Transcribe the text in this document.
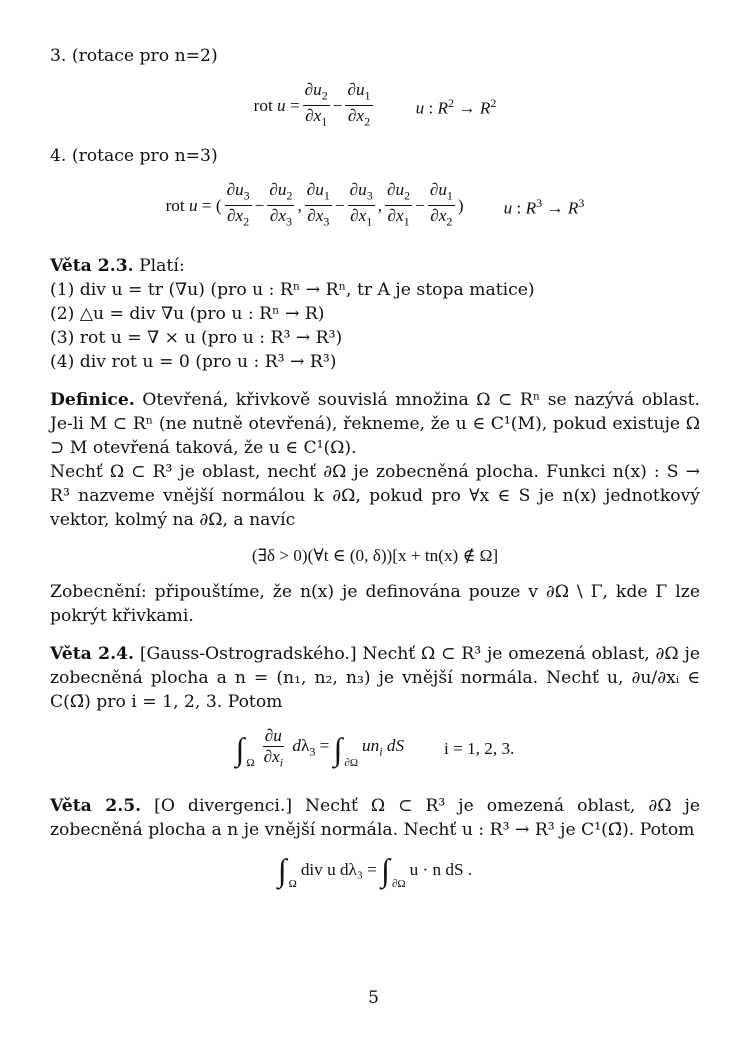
3. (rotace pro n=2)

rot $u = \frac{\partial u_2}{\partial x_1} - \frac{\partial u_1}{\partial x_2}$	u : $R^2 \to R^2$

4. (rotace pro n=3)

rot u = ( $\frac{\partial u_3}{\partial x_2} - \frac{\partial u_2}{\partial x_3}$ , $\frac{\partial u_1}{\partial x_3} - \frac{\partial u_3}{\partial x_1}$ , $\frac{\partial u_2}{\partial x_1} - \frac{\partial u_1}{\partial x_2}$ ) u : $R^3 \to R^3$

Věta 2.3. Platí:

(1) div u = tr (∇u) (pro u : Rⁿ → Rⁿ, tr A je stopa matice)

(2) △u = div ∇u (pro u : Rⁿ → R)

(3) rot u = ∇ × u (pro u : R³ → R³)

(4) div rot u = 0 (pro u : R³ → R³)

Definice. Otevřená, křivkově souvislá množina Ω ⊂ Rⁿ se nazývá oblast. Je-li M ⊂ Rⁿ (ne nutně otevřená), řekneme, že u ∈ C¹(M), pokud existuje Ω ⊃ M otevřená taková, že u ∈ C¹(Ω).

Nechť Ω ⊂ R³ je oblast, nechť ∂Ω je zobecněná plocha. Funkci n(x) : S → R³ nazveme vnější normálou k ∂Ω, pokud pro ∀x ∈ S je n(x) jednotkový vektor, kolmý na ∂Ω, a navíc

(∃δ > 0)(∀t ∈ (0, δ))[x + tn(x) ∉ Ω]

Zobecnění: připouštíme, že n(x) je definována pouze v ∂Ω \ Γ, kde Γ lze pokrýt křivkami.

Věta 2.4. [Gauss-Ostrogradského.] Nechť Ω ⊂ R³ je omezená oblast, ∂Ω je zobecněná plocha a n = (n₁, n₂, n₃) je vnější normála. Nechť u, ∂u/∂xᵢ ∈ C(Ω̄) pro i = 1, 2, 3. Potom

∫ Ω $\frac{\partial u}{\partial x_i} d\lambda_3$ = ∫ ∂Ω
$un_i$ dS i = 1, 2, 3.

Věta 2.5. [O divergenci.] Nechť Ω ⊂ R³ je omezená oblast, ∂Ω je zobecněná plocha a n je vnější normála. Nechť u : R³ → R³ je C¹(Ω̄). Potom

∫ Ω
div u dλ₃ =
∫ ∂Ω
u · n dS .
5
